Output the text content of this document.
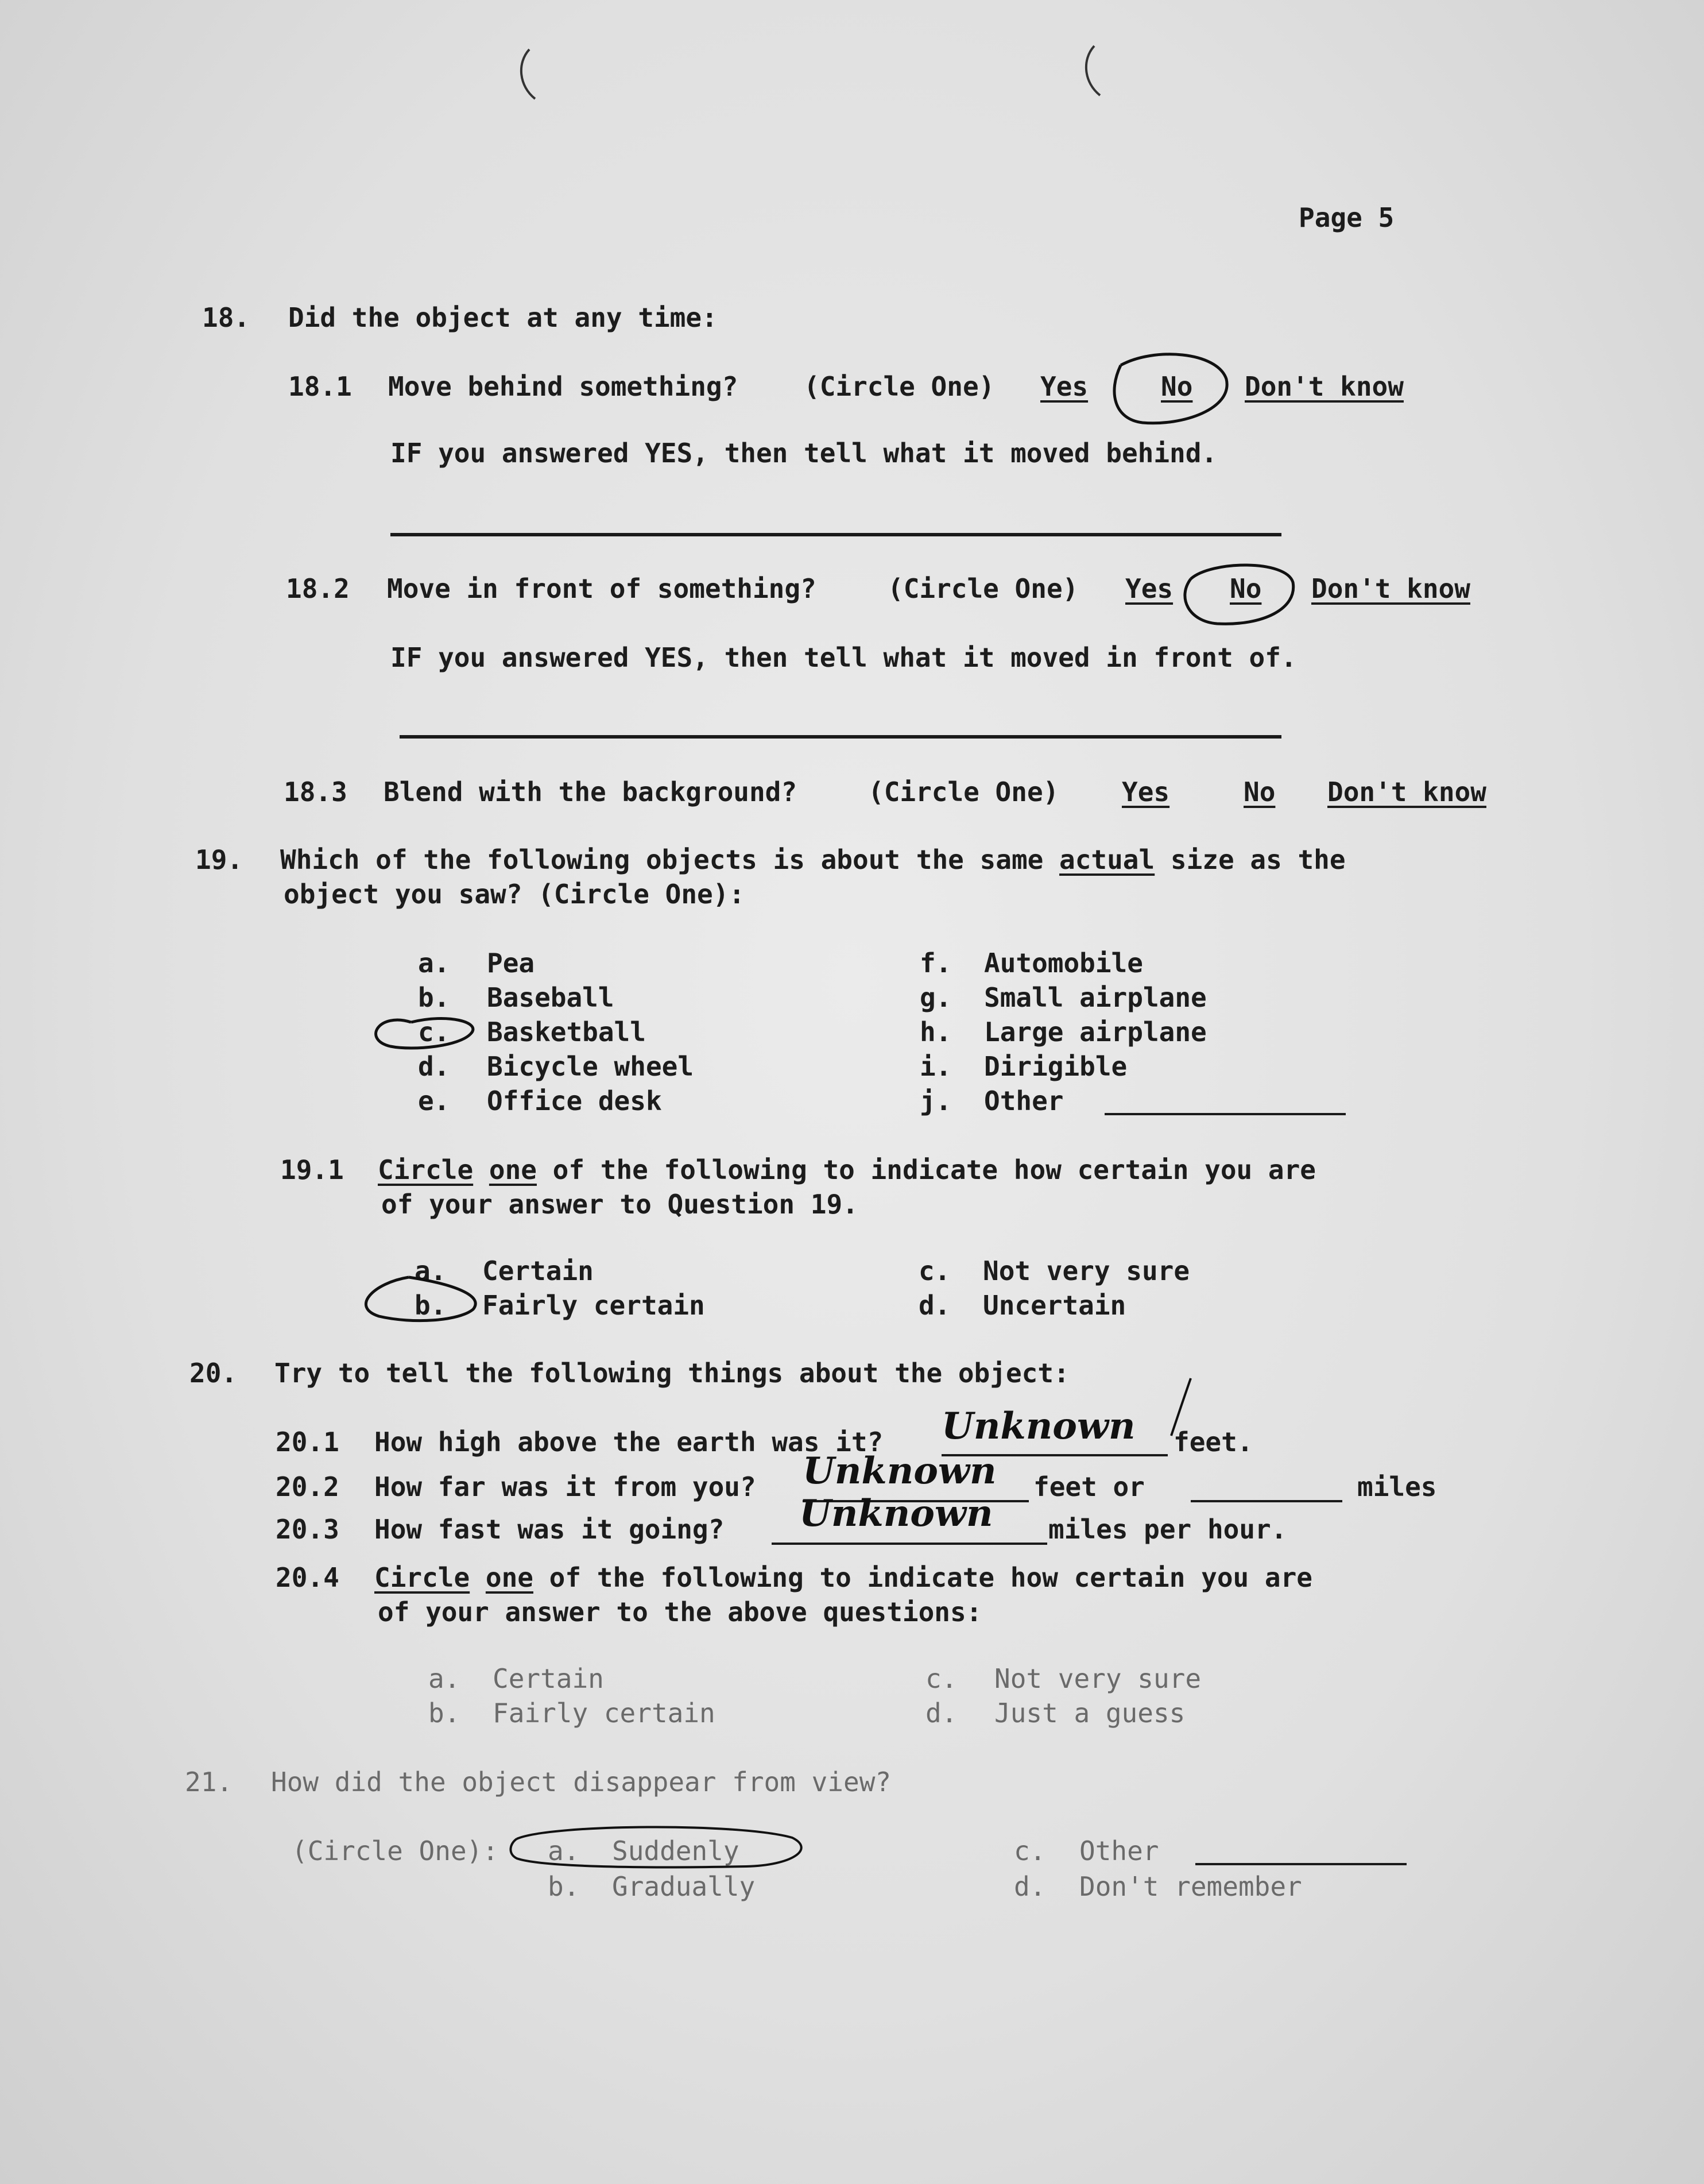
Page 5
18. Did the object at any time:
18.1 Move behind something? (Circle One) Yes	No Don't know
IF you answered YES, then tell what it moved behind.
18.2 Move in front of something?	(Circle One) Yes No Don't know
IF you answered YES, then tell what it moved in front of.
18.3 Blend with the background?	(Circle One) Yes	No Don't know
19. Which of the following objects is about the same actual size as the
object you saw? (Circle One):
a. Pea
b. Baseball
c. Basketball
d. Bicycle wheel
e. Office desk
f. Automobile
g. Small airplane
h. Large airplane
i. Dirigible
j. Other
19.1 Circle one of the following to indicate how certain you are
of your answer to Question 19.
a. Certain
b. Fairly certain
c. Not very sure
d. Uncertain
20. Try to tell the following things about the object:
20.1 How high above the earth was it? Unknown feet.
20.2 How far was it from you? Unknown feet or	miles
20.3 How fast was it going? Unknown miles per hour.
20.4 Circle one of the following to indicate how certain you are
of your answer to the above questions:
a. Certain
b. Fairly certain
c. Not very sure
d. Just a guess
21. How did the object disappear from view?
(Circle One): a. Suddenly
b. Gradually
c. Other
d. Don't remember
